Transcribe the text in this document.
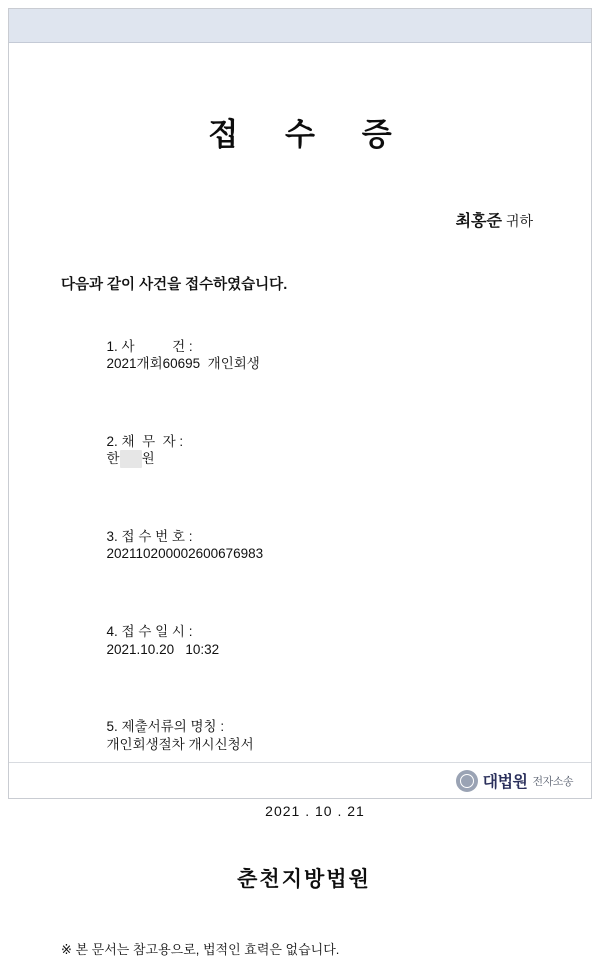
접 수 증
최홍준 귀하
다음과 같이 사건을 접수하였습니다.

1. 사          건 :
2021개회60695  개인회생

2. 채  무  자 :
한 원

3. 접 수 번 호 :
202110200002600676983

4. 접 수 일 시 :
2021.10.20   10:32

5. 제출서류의 명칭 :
개인회생절차 개시신청서

2021 . 10 . 21
춘천지방법원
※ 본 문서는 참고용으로, 법적인 효력은 없습니다.
대법원 전자소송
